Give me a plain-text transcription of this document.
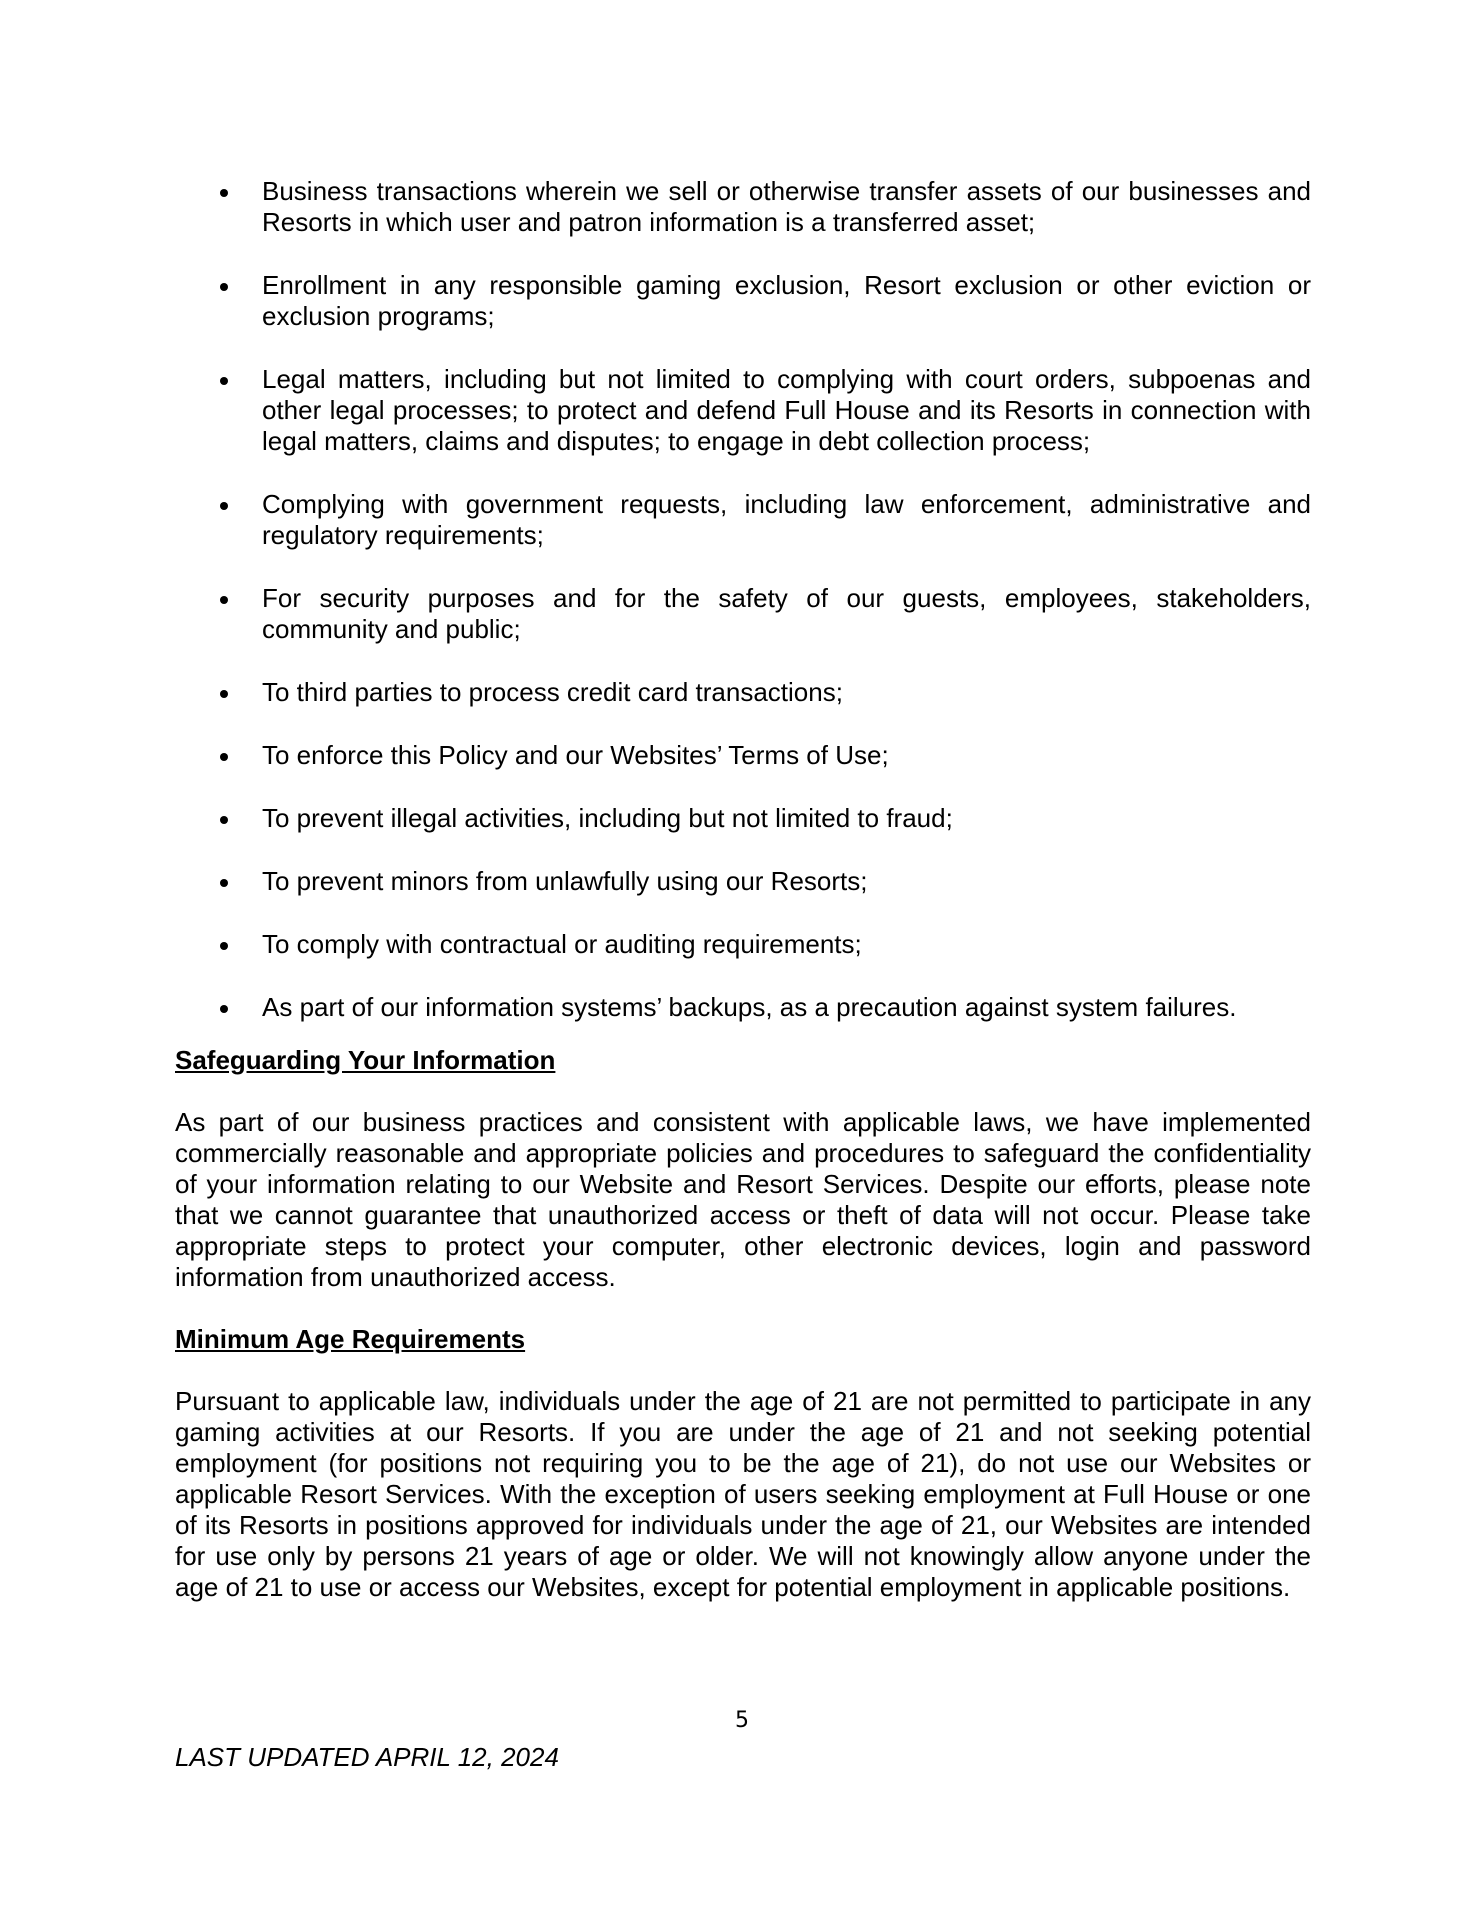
Business transactions wherein we sell or otherwise transfer assets of our businesses and Resorts in which user and patron information is a transferred asset;
Enrollment in any responsible gaming exclusion, Resort exclusion or other eviction or exclusion programs;
Legal matters, including but not limited to complying with court orders, subpoenas and other legal processes; to protect and defend Full House and its Resorts in connection with legal matters, claims and disputes; to engage in debt collection process;
Complying with government requests, including law enforcement, administrative and regulatory requirements;
For security purposes and for the safety of our guests, employees, stakeholders, community and public;
To third parties to process credit card transactions;
To enforce this Policy and our Websites’ Terms of Use;
To prevent illegal activities, including but not limited to fraud;
To prevent minors from unlawfully using our Resorts;
To comply with contractual or auditing requirements;
As part of our information systems’ backups, as a precaution against system failures.
Safeguarding Your Information
As part of our business practices and consistent with applicable laws, we have implemented commercially reasonable and appropriate policies and procedures to safeguard the confidentiality of your information relating to our Website and Resort Services. Despite our efforts, please note that we cannot guarantee that unauthorized access or theft of data will not occur. Please take appropriate steps to protect your computer, other electronic devices, login and password information from unauthorized access.
Minimum Age Requirements
Pursuant to applicable law, individuals under the age of 21 are not permitted to participate in any gaming activities at our Resorts. If you are under the age of 21 and not seeking potential employment (for positions not requiring you to be the age of 21), do not use our Websites or applicable Resort Services. With the exception of users seeking employment at Full House or one of its Resorts in positions approved for individuals under the age of 21, our Websites are intended for use only by persons 21 years of age or older. We will not knowingly allow anyone under the age of 21 to use or access our Websites, except for potential employment in applicable positions.
5
LAST UPDATED APRIL 12, 2024
